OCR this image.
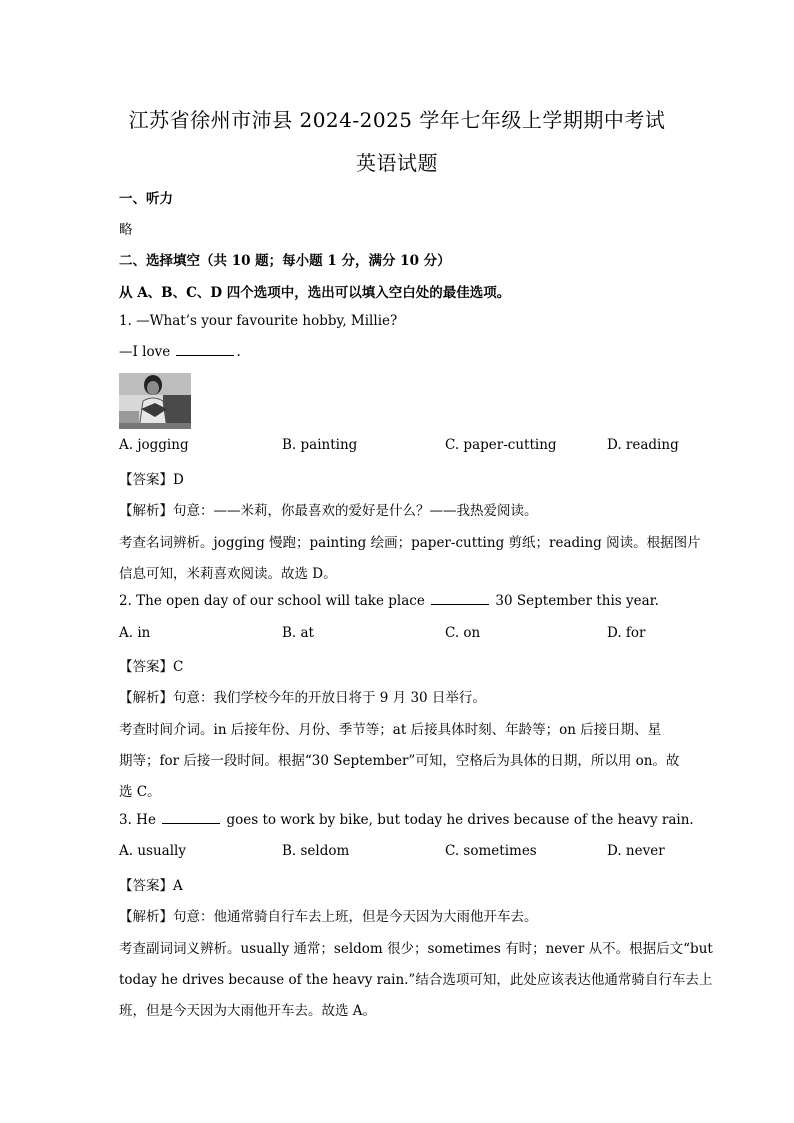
江苏省徐州市沛县 2024-2025 学年七年级上学期期中考试
英语试题
一、听力
略
二、选择填空（共 10 题；每小题 1 分，满分 10 分）
从 A、B、C、D 四个选项中，选出可以填入空白处的最佳选项。
1. —What’s your favourite hobby, Millie?
—I love	.
A. jogging	B. painting	C. paper-cutting	D. reading
【答案】D
【解析】句意：——米莉，你最喜欢的爱好是什么？——我热爱阅读。
考查名词辨析。jogging 慢跑；painting 绘画；paper-cutting 剪纸；reading 阅读。根据图片
信息可知，米莉喜欢阅读。故选 D。
2. The open day of our school will take place	30 September this year.
A. in	B. at	C. on	D. for
【答案】C
【解析】句意：我们学校今年的开放日将于 9 月 30 日举行。
考查时间介词。in 后接年份、月份、季节等；at 后接具体时刻、年龄等；on 后接日期、星
期等；for 后接一段时间。根据“30 September”可知，空格后为具体的日期，所以用 on。故
选 C。
3. He	goes to work by bike, but today he drives because of the heavy rain.
A. usually	B. seldom	C. sometimes	D. never
【答案】A
【解析】句意：他通常骑自行车去上班，但是今天因为大雨他开车去。
考查副词词义辨析。usually 通常；seldom 很少；sometimes 有时；never 从不。根据后文“but
today he drives because of the heavy rain.”结合选项可知，此处应该表达他通常骑自行车去上
班，但是今天因为大雨他开车去。故选 A。
